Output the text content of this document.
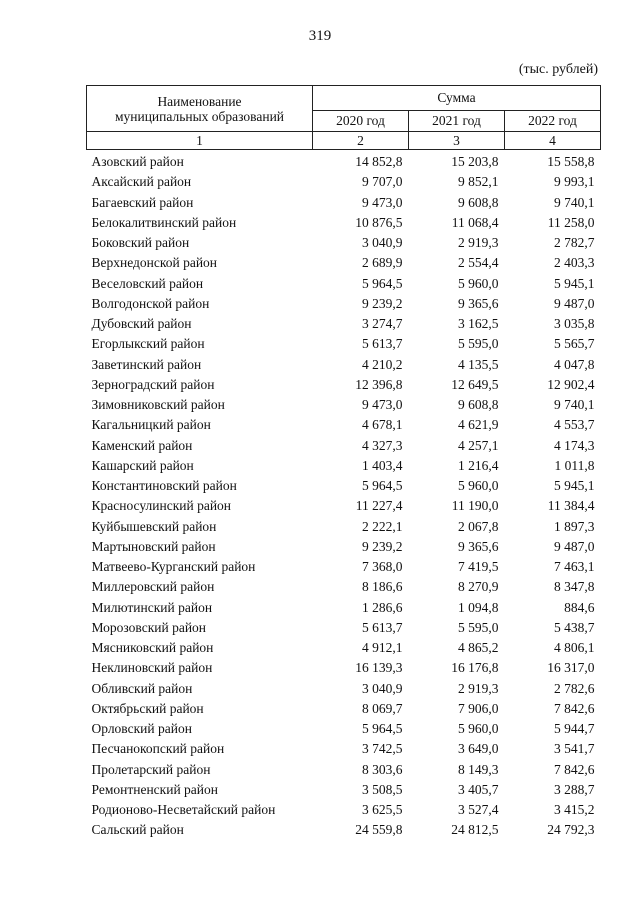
319
(тыс. рублей)
Наименование
муниципальных образований	Сумма		
	2020 год	2021 год	2022 год
1	2	3	4
Азовский район	14 852,8	15 203,8	15 558,8
Аксайский район	9 707,0	9 852,1	9 993,1
Багаевский район	9 473,0	9 608,8	9 740,1
Белокалитвинский район	10 876,5	11 068,4	11 258,0
Боковский район	3 040,9	2 919,3	2 782,7
Верхнедонской район	2 689,9	2 554,4	2 403,3
Веселовский район	5 964,5	5 960,0	5 945,1
Волгодонской район	9 239,2	9 365,6	9 487,0
Дубовский район	3 274,7	3 162,5	3 035,8
Егорлыкский район	5 613,7	5 595,0	5 565,7
Заветинский район	4 210,2	4 135,5	4 047,8
Зерноградский район	12 396,8	12 649,5	12 902,4
Зимовниковский район	9 473,0	9 608,8	9 740,1
Кагальницкий район	4 678,1	4 621,9	4 553,7
Каменский район	4 327,3	4 257,1	4 174,3
Кашарский район	1 403,4	1 216,4	1 011,8
Константиновский район	5 964,5	5 960,0	5 945,1
Красносулинский район	11 227,4	11 190,0	11 384,4
Куйбышевский район	2 222,1	2 067,8	1 897,3
Мартыновский район	9 239,2	9 365,6	9 487,0
Матвеево-Курганский район	7 368,0	7 419,5	7 463,1
Миллеровский район	8 186,6	8 270,9	8 347,8
Милютинский район	1 286,6	1 094,8	884,6
Морозовский район	5 613,7	5 595,0	5 438,7
Мясниковский район	4 912,1	4 865,2	4 806,1
Неклиновский район	16 139,3	16 176,8	16 317,0
Обливский район	3 040,9	2 919,3	2 782,6
Октябрьский район	8 069,7	7 906,0	7 842,6
Орловский район	5 964,5	5 960,0	5 944,7
Песчанокопский район	3 742,5	3 649,0	3 541,7
Пролетарский район	8 303,6	8 149,3	7 842,6
Ремонтненский район	3 508,5	3 405,7	3 288,7
Родионово-Несветайский район	3 625,5	3 527,4	3 415,2
Сальский район	24 559,8	24 812,5	24 792,3
